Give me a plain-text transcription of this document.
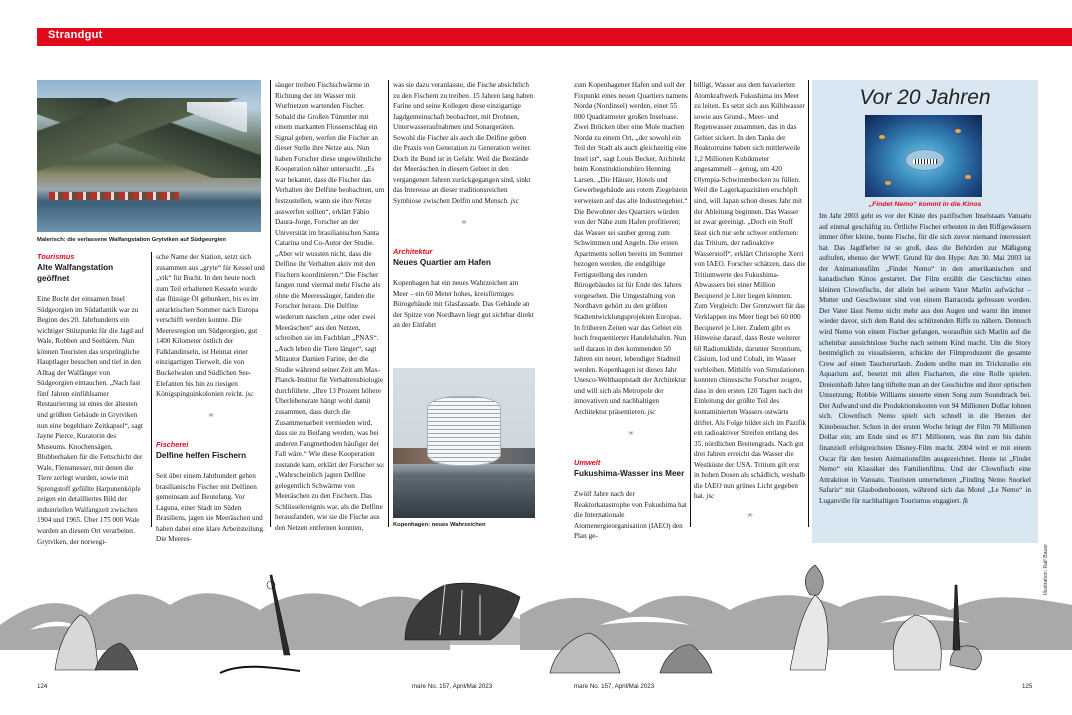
Strandgut
Malerisch: die verlassene Walfangstation Grytviken auf Südgeorgien
Tourismus
Alte Walfangstation geöffnet

Eine Bucht der einsamen Insel Südgeorgien im Südatlantik war zu Beginn des 20. Jahrhunderts ein wichtiger Stützpunkt für die Jagd auf Wale, Robben und Seebären. Nun können Touristen das ursprüngliche Hauptlager besuchen und tief in den Alltag der Walfänger von Südgeorgien eintauchen. „Nach fast fünf Jahren einfühlsamer Restaurierung ist eines der ältesten und größten Gebäude in Grytviken nun eine begehbare Zeitkapsel“, sagt Jayne Pierce, Kuratorin des Museums. Knochensägen, Blubberhaken für die Fettschicht der Wale, Flensmesser, mit denen die Tiere zerlegt wurden, sowie mit Sprengstoff gefüllte Harpunenköpfe zeigen ein detailliertes Bild der industriellen Walfangzeit zwischen 1904 und 1965. Über 175 000 Wale wurden an diesem Ort verarbeitet. Grytviken, der norwegi-

sche Name der Station, setzt sich zusammen aus „gryte“ für Kessel und „vik“ für Bucht. In den heute noch zum Teil erhaltenen Kesseln wurde das flüssige Öl gebunkert, bis es im antarktischen Sommer nach Europa verschifft werden konnte. Die Meeresregion um Südgeorgien, gut 1400 Kilometer östlich der Falklandinseln, ist Heimat einer einzigartigen Tierwelt, die von Buckelwalen und Südlichen See-Elefanten bis hin zu riesigen Königspinguinkolonien reicht. jsc

∞
Fischerei
Delfine helfen Fischern

Seit über einem Jahrhundert gehen brasilianische Fischer mit Delfinen gemeinsam auf Beutefang. Vor Laguna, einer Stadt im Süden Brasiliens, jagen sie Meeräschen und haben dabei eine klare Arbeitsteilung. Die Meeres-

säuger treiben Fischschwärme in Richtung der im Wasser mit Wurfnetzen wartenden Fischer. Sobald die Großen Tümmler mit einem markanten Flossenschlag ein Signal geben, werfen die Fischer an dieser Stelle ihre Netze aus. Nun haben Forscher diese ungewöhnliche Kooperation näher untersucht. „Es war bekannt, dass die Fischer das Verhalten der Delfine beobachten, um festzustellen, wann sie ihre Netze auswerfen sollten“, erklärt Fábio Daura-Jorge, Forscher an der Universität im brasilianischen Santa Catarina und Co-Autor der Studie. „Aber wir wussten nicht, dass die Delfine ihr Verhalten aktiv mit den Fischern koordinieren.“ Die Fischer fangen rund viermal mehr Fische als ohne die Meeressäuger, fanden die Forscher heraus. Die Delfine wiederum naschen „eine oder zwei Meeräschen“ aus den Netzen, schreiben sie im Fachblatt „PNAS“. „Auch leben die Tiere länger“, sagt Mitautor Damien Farine, der die Studie während seiner Zeit am Max-Planck-Institut für Verhaltensbiologie durchführte. „Ihre 13 Prozent höhere Überlebensrate hängt wohl damit zusammen, dass durch die Zusammenarbeit vermieden wird, dass sie zu Beifang werden, was bei anderen Fangmethoden häufiger der Fall wäre.“ Wie diese Kooperation zustande kam, erklärt der Forscher so: „Wahrscheinlich jagten Delfine gelegentlich Schwärme von Meeräschen zu den Fischern. Das Schlüsselereignis war, als die Delfine herausfanden, wie sie die Fische aus den Netzen entfernen konnten,

was sie dazu veranlasste, die Fische absichtlich zu den Fischern zu treiben. 15 Jahren lang haben Farine und seine Kollegen diese einzigartige Jagdgemeinschaft beobachtet, mit Drohnen, Unterwasseraufnahmen und Sonargeräten. Sowohl die Fischer als auch die Delfine geben die Praxis von Generation zu Generation weiter. Doch ihr Bund ist in Gefahr. Weil die Bestände der Meeräschen in diesem Gebiet in den vergangenen Jahren zurückgegangen sind, sinkt das Interesse an dieser traditionsreichen Symbiose zwischen Delfin und Mensch. jsc

∞
Architektur
Neues Quartier am Hafen

Kopenhagen hat ein neues Wahrzeichen am Meer – ein 60 Meter hohes, kreisförmiges Bürogebäude mit Glasfassade. Das Gebäude an der Spitze von Nordhavn liegt gut sichtbar direkt an der Einfahrt

Kopenhagen: neues Wahrzeichen

zum Kopenhagener Hafen und soll der Fixpunkt eines neuen Quartiers namens Nordø (Nordinsel) werden, einer 55 000 Quadratmeter großen Inseloase. Zwei Brücken über eine Mole machen Nordø zu einem Ort, „der sowohl ein Teil der Stadt als auch gleichzeitig eine Insel ist“, sagt Louis Becker, Architekt beim Konstruktionsbüro Henning Larsen. „Die Häuser, Hotels und Gewerbegebäude aus rotem Ziegelstein verweisen auf das alte Industriegebiet.“ Die Bewohner des Quartiers würden von der Nähe zum Hafen profitieren; das Wasser sei sauber genug zum Schwimmen und Angeln. Die ersten Apartments sollen bereits im Sommer bezogen werden, die endgültige Fertigstellung des runden Bürogebäudes ist für Ende des Jahres vorgesehen. Die Umgestaltung von Nordhavn gehört zu den größten Stadtentwicklungsprojekten Europas. In früheren Zeiten war das Gebiet ein hoch frequentierter Handelshafen. Nun soll daraus in den kommenden 50 Jahren ein neuer, lebendiger Stadtteil werden. Kopenhagen ist dieses Jahr Unesco-Welthauptstadt der Architektur und will sich als Metropole der innovativen und nachhaltigen Architektur präsentieren. jsc

∞
Umwelt
Fukushima-Wasser ins Meer

Zwölf Jahre nach der Reaktorkatastrophe von Fukushima hat die Internationale Atomenergieorganisation (IAEO) den Plan ge-

billigt, Wasser aus dem havarierten Atomkraftwerk Fukushima ins Meer zu leiten. Es setzt sich aus Kühlwasser sowie aus Grund-, Meer- und Regenwasser zusammen, das in das Gebiet sickert. In den Tanks der Reaktorruine haben sich mittlerweile 1,2 Millionen Kubikmeter angesammelt – genug, um 420 Olympia-Schwimmbecken zu füllen. Weil die Lagerkapazitäten erschöpft sind, will Japan schon dieses Jahr mit der Ableitung beginnen. Das Wasser ist zwar gereinigt. „Doch ein Stoff lässt sich nur sehr schwer entfernen: das Tritium, der radioaktive Wasserstoff“, erklärt Christophe Xerri von IAEO. Forscher schätzen, dass die Tritiumwerte des Fukushima-Abwassers bei einer Million Becquerel je Liter liegen könnten. Zum Vergleich: Der Grenzwert für das Verklappen ins Meer liegt bei 60 000 Becquerel je Liter. Zudem gibt es Hinweise darauf, dass Reste weiterer 60 Radionuklide, darunter Strontium, Cäsium, Iod und Cobalt, im Wasser verbleiben. Mithilfe von Simulationen konnten chinesische Forscher zeigen, dass in den ersten 120 Tagen nach der Einleitung der größte Teil des kontaminierten Wassers ostwärts driftet. Als Folge bildet sich im Pazifik ein radioaktiver Streifen entlang des 35. nördlichen Breitengrads. Nach gut drei Jahren erreicht das Wasser die Westküste der USA. Tritium gilt erst in hohen Dosen als schädlich, weshalb die IAEO nun grünes Licht gegeben hat. jsc

∞
Vor 20 Jahren
„Findet Nemo“ kommt in die Kinos
Im Jahr 2003 geht es vor der Küste des pazifischen Inselstaats Vanuatu auf einmal geschäftig zu. Örtliche Fischer erbeuten in den Riffgewässern immer öfter kleine, bunte Fische, für die sich zuvor niemand interessiert hat. Das Jagdfieber ist so groß, dass die Behörden zur Mäßigung aufrufen, ebenso der WWF. Grund für den Hype: Am 30. Mai 2003 ist der Animationsfilm „Findet Nemo“ in den amerikanischen und kanadischen Kinos gestartet. Der Film erzählt die Geschichte eines kleinen Clownfischs, der allein bei seinem Vater Marlin aufwächst – Mutter und Geschwister sind von einem Barracuda gefressen worden. Der Vater lässt Nemo nicht mehr aus den Augen und warnt ihn immer wieder davor, sich dem Rand des schützenden Riffs zu nähern. Dennoch wird Nemo von einem Fischer gefangen, woraufhin sich Marlin auf die scheinbar aussichtslose Suche nach seinem Kind macht. Um die Story bestmöglich zu visualisieren, schickte der Filmproduzent die gesamte Crew auf einen Taucherurlaub. Zudem stellte man im Trickstudio ein Aquarium auf, besetzt mit allen Fischarten, die eine Rolle spielen. Dreieinhalb Jahre lang tüftelte man an der Geschichte und ihrer optischen Umsetzung; Robbie Williams steuerte einen Song zum Soundtrack bei. Der Aufwand und die Produktionskosten von 94 Millionen Dollar lohnen sich. Clownfisch Nemo spielt sich schnell in die Herzen der Kinobesucher. Schon in der ersten Woche bringt der Film 70 Millionen Dollar ein; am Ende sind es 871 Millionen, was ihn zum bis dahin finanziell erfolgreichsten Disney-Film macht. 2004 wird er mit einem Oscar für den besten Animationsfilm ausgezeichnet. Heute ist „Findet Nemo“ ein Klassiker des Familienfilms. Und der Clownfisch eine Attraktion in Vanuatu. Touristen unternehmen „Finding Nemo Snorkel Safaris“ mit Glasbodenbooten, während sich das Motel „Le Nemo“ in Luganville für nachhaltigen Tourismus engagiert. fk
Illustration: Ralf Bauer
124	mare No. 157, April/Mai 2023	mare No. 157, April/Mai 2023	125
